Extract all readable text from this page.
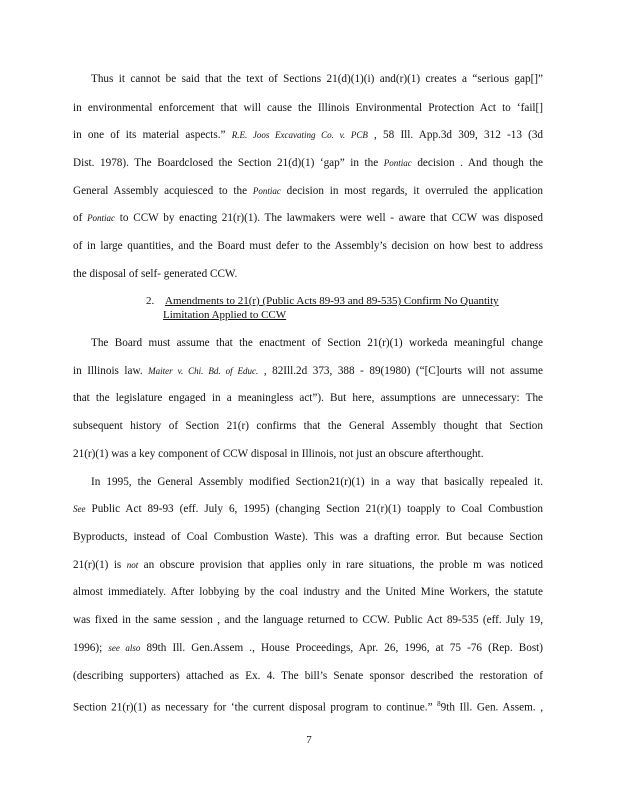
Thus it cannot be said that the text of Sections 21(d)(1)(i) and(r)(1) creates a “serious gap[]”
in environmental enforcement that will cause the Illinois Environmental Protection Act to ‘fail[]
in one of its material aspects.” R.E. Joos Excavating Co. v. PCB , 58 Ill. App.3d 309, 312 -13 (3d
Dist. 1978). The Boardclosed the Section 21(d)(1) ‘gap” in the Pontiac decision . And though the
General Assembly acquiesced to the Pontiac decision in most regards, it overruled the application
of Pontiac to CCW by enacting 21(r)(1). The lawmakers were well - aware that CCW was disposed
of in large quantities, and the Board must defer to the Assembly’s decision on how best to address
the disposal of self- generated CCW.
2. Amendments to 21(r) (Public Acts 89-93 and 89-535) Confirm No Quantity
Limitation Applied to CCW
The Board must assume that the enactment of Section 21(r)(1) workeda meaningful change
in Illinois law. Maiter v. Chi. Bd. of Educ. , 82Ill.2d 373, 388 - 89(1980) (“[C]ourts will not assume
that the legislature engaged in a meaningless act”). But here, assumptions are unnecessary: The
subsequent history of Section 21(r) confirms that the General Assembly thought that Section
21(r)(1) was a key component of CCW disposal in Illinois, not just an obscure afterthought.
In 1995, the General Assembly modified Section21(r)(1) in a way that basically repealed it.
See Public Act 89-93 (eff. July 6, 1995) (changing Section 21(r)(1) toapply to Coal Combustion
Byproducts, instead of Coal Combustion Waste). This was a drafting error. But because Section
21(r)(1) is not an obscure provision that applies only in rare situations, the proble m was noticed
almost immediately. After lobbying by the coal industry and the United Mine Workers, the statute
was fixed in the same session , and the language returned to CCW. Public Act 89-535 (eff. July 19,
1996); see also 89th Ill. Gen.Assem ., House Proceedings, Apr. 26, 1996, at 75 -76 (Rep. Bost)
(describing supporters) attached as Ex. 4. The bill’s Senate sponsor described the restoration of
Section 21(r)(1) as necessary for ‘the current disposal program to continue.” $^8$9th Ill. Gen. Assem. ,
7
